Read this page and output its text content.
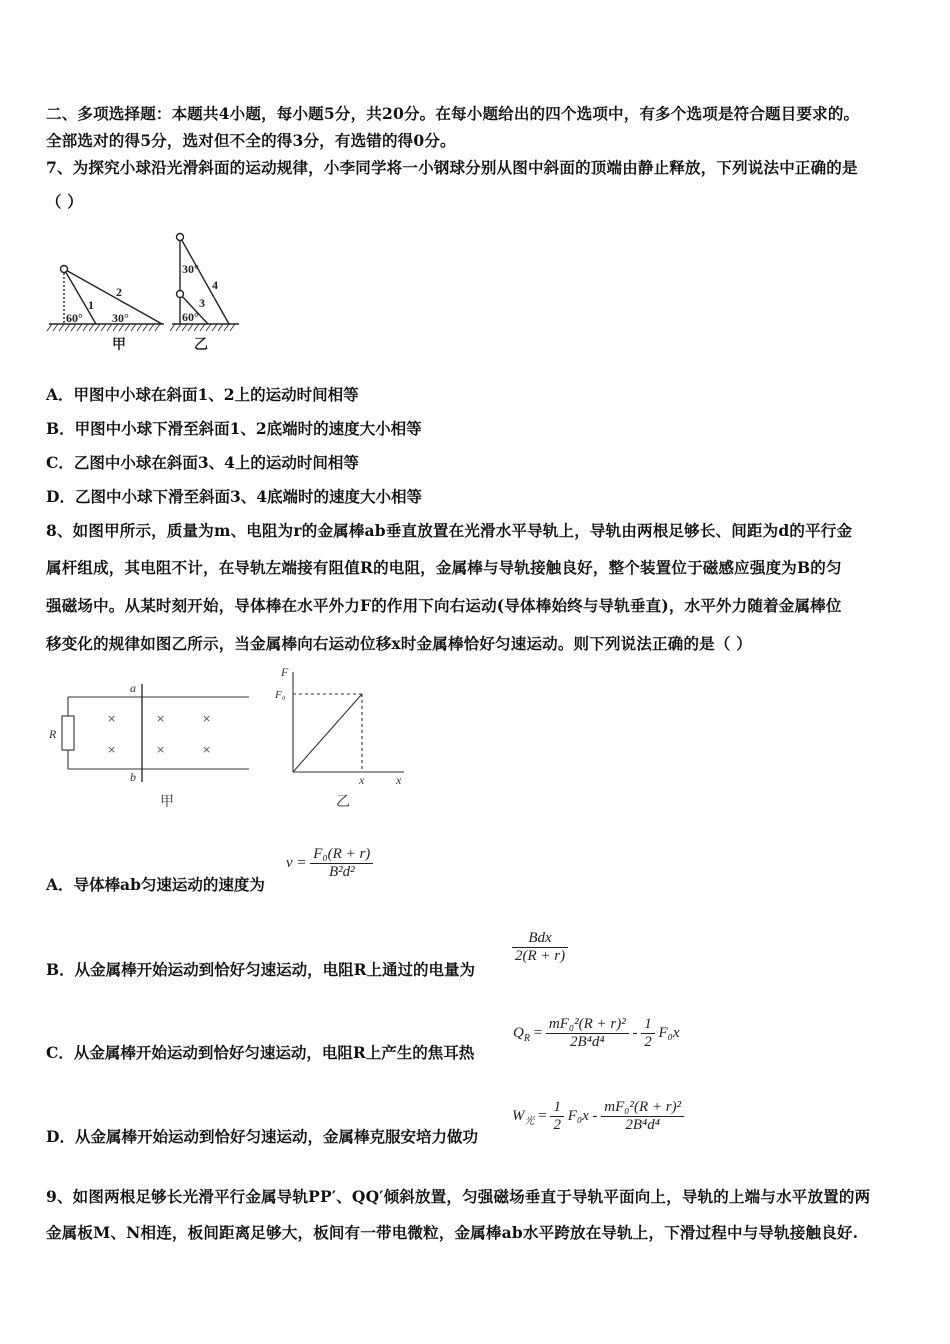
二、多项选择题：本题共4小题，每小题5分，共20分。在每小题给出的四个选项中，有多个选项是符合题目要求的。
全部选对的得5分，选对但不全的得3分，有选错的得0分。
7、为探究小球沿光滑斜面的运动规律，小李同学将一小钢球分别从图中斜面的顶端由静止释放，下列说法中正确的是
（ ）
60° 30°
1
2
30°
60°
3
4
甲	乙
A．甲图中小球在斜面1、2上的运动时间相等
B．甲图中小球下滑至斜面1、2底端时的速度大小相等
C．乙图中小球在斜面3、4上的运动时间相等
D．乙图中小球下滑至斜面3、4底端时的速度大小相等
8、如图甲所示，质量为m、电阻为r的金属棒ab垂直放置在光滑水平导轨上，导轨由两根足够长、间距为d的平行金
属杆组成，其电阻不计，在导轨左端接有阻值R的电阻，金属棒与导轨接触良好，整个装置位于磁感应强度为B的匀
强磁场中。从某时刻开始，导体棒在水平外力F的作用下向右运动(导体棒始终与导轨垂直)，水平外力随着金属棒位
移变化的规律如图乙所示，当金属棒向右运动位移x时金属棒恰好匀速运动。则下列说法正确的是（ ）
R
a
b
F
F₀
x	x
×	×	×
×	×	×
甲	乙
A．导体棒ab匀速运动的速度为
$v = \frac{\text{F₀(R + r)}}{\text{B²d²}}$
B．从金属棒开始运动到恰好匀速运动，电阻R上通过的电量为
$\frac{\text{Bdx}}{2(R + r)}$
C．从金属棒开始运动到恰好匀速运动，电阻R上产生的焦耳热
$Q_R = \frac{\text{mF₀²(R + r)²}}{\text{2B⁴d⁴}} - \frac{1}{2} F_0x$
D．从金属棒开始运动到恰好匀速运动，金属棒克服安培力做功
$W_光 = \frac{1}{2} F_0x - \frac{\text{mF₀²(R + r)²}}{\text{2B⁴d⁴}}$
9、如图两根足够长光滑平行金属导轨PP′、QQ′倾斜放置，匀强磁场垂直于导轨平面向上，导轨的上端与水平放置的两
金属板M、N相连，板间距离足够大，板间有一带电微粒，金属棒ab水平跨放在导轨上，下滑过程中与导轨接触良好.
